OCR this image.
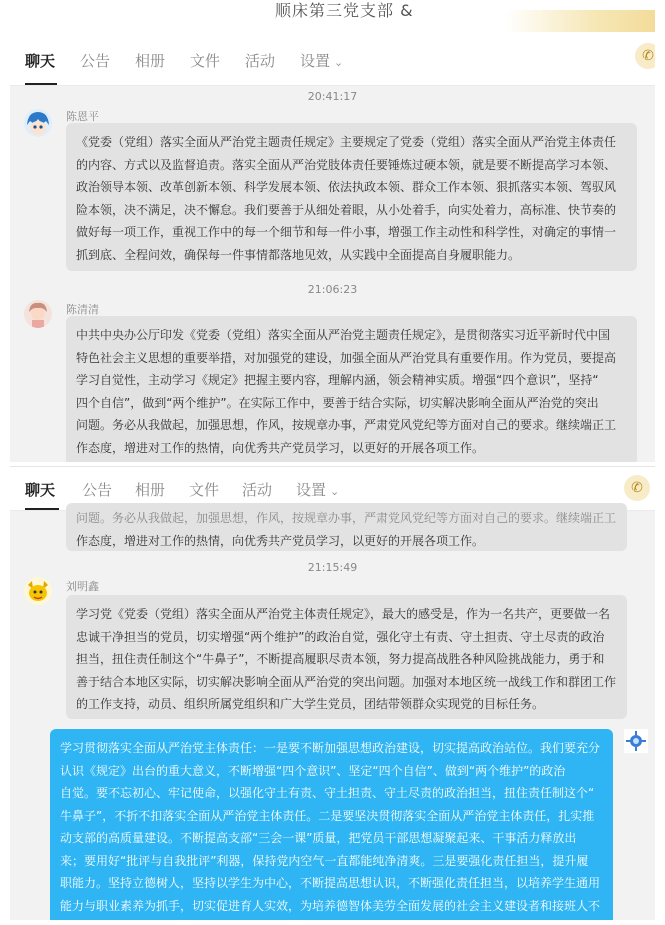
顺床第三党支部 &
聊天 公告 相册 文件 活动 设置 ⌄	✆
20:41:17
陈恩平

《党委（党组）落实全面从严治党主题责任规定》主要规定了党委（党组）落实全面从严治党主体责任

的内容、方式以及监督追责。落实全面从严治党肢体责任要锤炼过硬本领，就是要不断提高学习本领、

政治领导本领、改革创新本领、科学发展本领、依法执政本领、群众工作本领、狠抓落实本领、驾驭风

险本领，决不满足，决不懈怠。我们要善于从细处着眼，从小处着手，向实处着力，高标准、快节奏的

做好每一项工作，重视工作中的每一个细节和每一件小事，增强工作主动性和科学性，对确定的事情一

抓到底、全程问效，确保每一件事情都落地见效，从实践中全面提高自身履职能力。

21:06:23
陈清清

中共中央办公厅印发《党委（党组）落实全面从严治党主题责任规定》，是贯彻落实习近平新时代中国

特色社会主义思想的重要举措，对加强党的建设，加强全面从严治党具有重要作用。作为党员，要提高

学习自觉性，主动学习《规定》把握主要内容，理解内涵，领会精神实质。增强“四个意识”，坚持“

四个自信”，做到“两个维护”。在实际工作中，要善于结合实际，切实解决影响全面从严治党的突出

问题。务必从我做起，加强思想，作风，按规章办事，严肃党风党纪等方面对自己的要求。继续端正工

作态度，增进对工作的热情，向优秀共产党员学习，以更好的开展各项工作。

聊天 公告 相册 文件 活动 设置 ⌄	✆

问题。务必从我做起，加强思想，作风，按规章办事，严肃党风党纪等方面对自己的要求。继续端正工

作态度，增进对工作的热情，向优秀共产党员学习，以更好的开展各项工作。

21:15:49
刘明鑫

学习党《党委（党组）落实全面从严治党主体责任规定》，最大的感受是，作为一名共产，更要做一名

忠诚干净担当的党员，切实增强“两个维护”的政治自觉，强化守土有责、守土担责、守土尽责的政治

担当，扭住责任制这个“牛鼻子”，不断提高履职尽责本领，努力提高战胜各种风险挑战能力，勇于和

善于结合本地区实际，切实解决影响全面从严治党的突出问题。加强对本地区统一战线工作和群团工作

的工作支持，动员、组织所属党组织和广大学生党员，团结带领群众实现党的目标任务。

学习贯彻落实全面从严治党主体责任：一是要不断加强思想政治建设，切实提高政治站位。我们要充分

认识《规定》出台的重大意义，不断增强“四个意识”、坚定“四个自信”、做到“两个维护”的政治

自觉。要不忘初心、牢记使命，以强化守土有责、守土担责、守土尽责的政治担当，扭住责任制这个“

牛鼻子”，不折不扣落实全面从严治党主体责任。二是要坚决贯彻落实全面从严治党主体责任，扎实推

动支部的高质量建设。不断提高支部“三会一课”质量，把党员干部思想凝聚起来、干事活力释放出

来；要用好“批评与自我批评”利器，保持党内空气一直都能纯净清爽。三是要强化责任担当，提升履

职能力。坚持立德树人，坚持以学生为中心，不断提高思想认识，不断强化责任担当，以培养学生通用

能力与职业素养为抓手，切实促进育人实效，为培养德智体美劳全面发展的社会主义建设者和接班人不
